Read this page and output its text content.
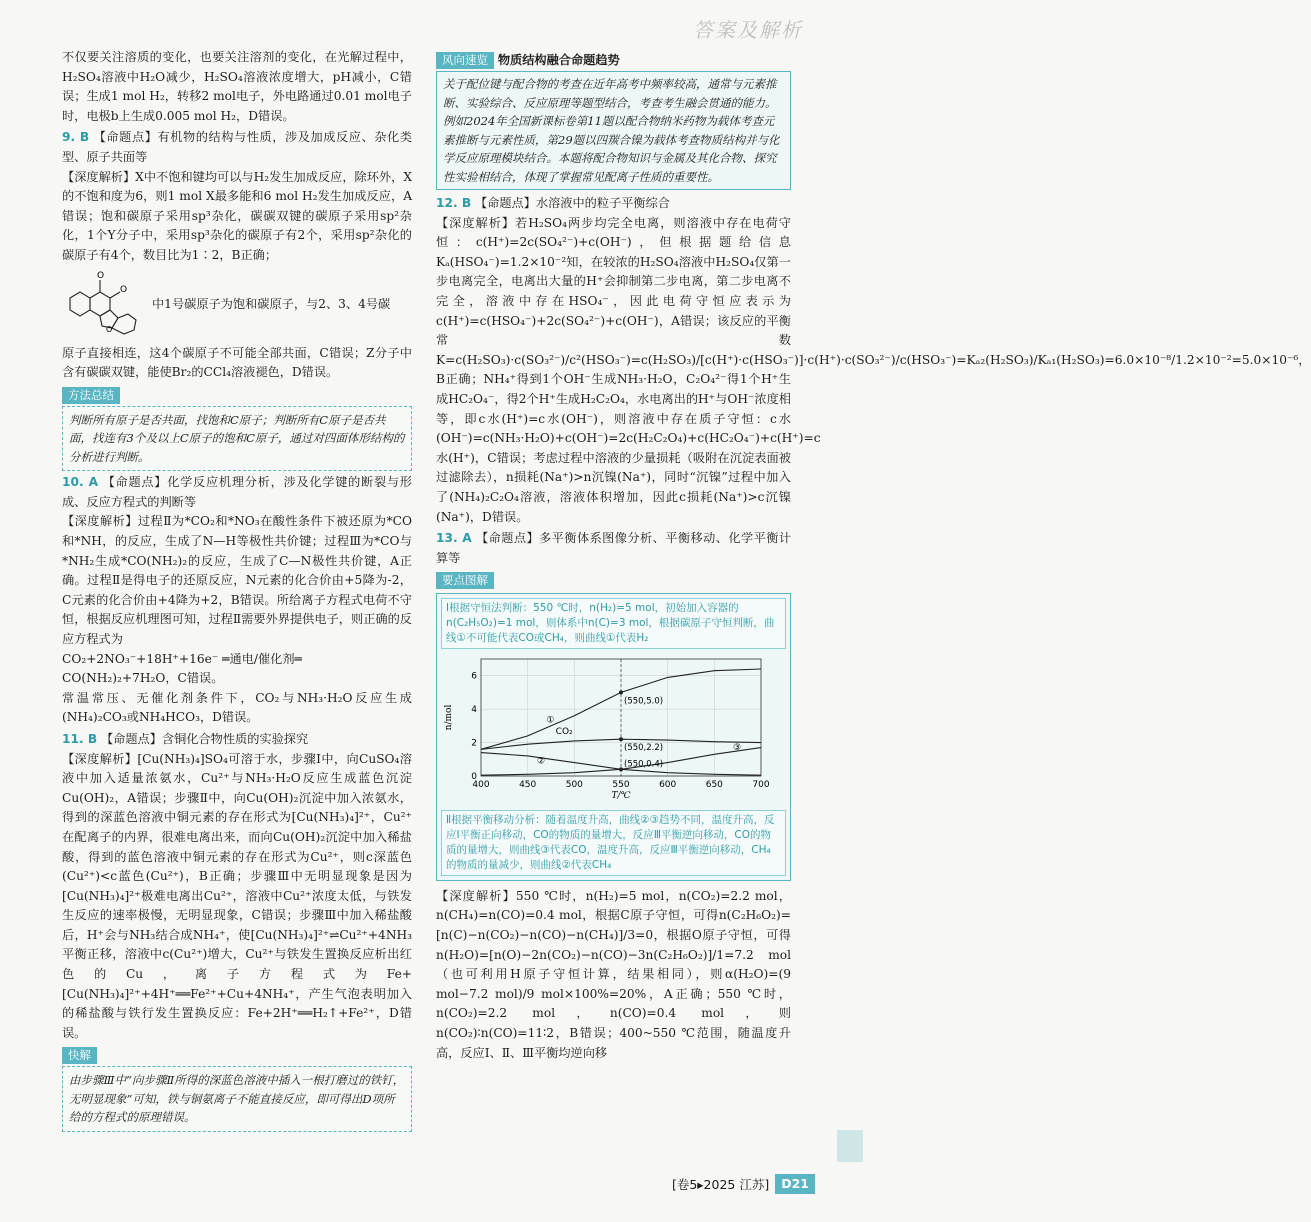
答案及解析

不仅要关注溶质的变化，也要关注溶剂的变化，在光解过程中，H₂SO₄溶液中H₂O减少，H₂SO₄溶液浓度增大，pH减小，C错误；生成1 mol H₂，转移2 mol电子，外电路通过0.01 mol电子时，电极b上生成0.005 mol H₂，D错误。

9. B 【命题点】有机物的结构与性质，涉及加成反应、杂化类型、原子共面等

【深度解析】X中不饱和键均可以与H₂发生加成反应，除环外，X的不饱和度为6，则1 mol X最多能和6 mol H₂发生加成反应，A错误；饱和碳原子采用sp³杂化，碳碳双键的碳原子采用sp²杂化，1个Y分子中，采用sp³杂化的碳原子有2个，采用sp²杂化的碳原子有4个，数目比为1∶2，B正确；

O
O
O
中1号碳原子为饱和碳原子，与2、3、4号碳

原子直接相连，这4个碳原子不可能全部共面，C错误；Z分子中含有碳碳双键，能使Br₂的CCl₄溶液褪色，D错误。

方法总结
判断所有原子是否共面，找饱和C原子；判断所有C原子是否共面，找连有3个及以上C原子的饱和C原子，通过对四面体形结构的分析进行判断。

10. A 【命题点】化学反应机理分析，涉及化学键的断裂与形成、反应方程式的判断等

【深度解析】过程Ⅱ为*CO₂和*NO₃在酸性条件下被还原为*CO和*NH，的反应，生成了N—H等极性共价键；过程Ⅲ为*CO与*NH₂生成*CO(NH₂)₂的反应，生成了C—N极性共价键，A正确。过程Ⅱ是得电子的还原反应，N元素的化合价由+5降为-2，C元素的化合价由+4降为+2，B错误。所给离子方程式电荷不守恒，根据反应机理图可知，过程Ⅱ需要外界提供电子，则正确的反应方程式为

CO₂+2NO₃⁻+18H⁺+16e⁻ ═通电/催化剂═ CO(NH₂)₂+7H₂O，C错误。

常温常压、无催化剂条件下，CO₂与NH₃·H₂O反应生成(NH₄)₂CO₃或NH₄HCO₃，D错误。

11. B 【命题点】含铜化合物性质的实验探究

【深度解析】[Cu(NH₃)₄]SO₄可溶于水，步骤Ⅰ中，向CuSO₄溶液中加入适量浓氨水，Cu²⁺与NH₃·H₂O反应生成蓝色沉淀Cu(OH)₂，A错误；步骤Ⅱ中，向Cu(OH)₂沉淀中加入浓氨水，得到的深蓝色溶液中铜元素的存在形式为[Cu(NH₃)₄]²⁺，Cu²⁺在配离子的内界，很难电离出来，而向Cu(OH)₂沉淀中加入稀盐酸，得到的蓝色溶液中铜元素的存在形式为Cu²⁺，则c深蓝色(Cu²⁺)<c蓝色(Cu²⁺)，B正确；步骤Ⅲ中无明显现象是因为[Cu(NH₃)₄]²⁺极难电离出Cu²⁺，溶液中Cu²⁺浓度太低，与铁发生反应的速率极慢，无明显现象，C错误；步骤Ⅲ中加入稀盐酸后，H⁺会与NH₃结合成NH₄⁺，使[Cu(NH₃)₄]²⁺⇌Cu²⁺+4NH₃平衡正移，溶液中c(Cu²⁺)增大，Cu²⁺与铁发生置换反应析出红色的Cu，离子方程式为Fe+[Cu(NH₃)₄]²⁺+4H⁺══Fe²⁺+Cu+4NH₄⁺，产生气泡表明加入的稀盐酸与铁行发生置换反应：Fe+2H⁺══H₂↑+Fe²⁺，D错误。

快解
由步骤Ⅲ中“向步骤Ⅱ所得的深蓝色溶液中插入一根打磨过的铁钉，无明显现象”可知，铁与铜氨离子不能直接反应，即可得出D项所给的方程式的原理错误。
风向速览 物质结构融合命题趋势
关于配位键与配合物的考查在近年高考中频率较高，通常与元素推断、实验综合、反应原理等题型结合，考查考生融会贯通的能力。例如2024年全国新课标卷第11题以配合物纳米药物为载体考查元素推断与元素性质，第29题以四羰合镍为载体考查物质结构并与化学反应原理模块结合。本题将配合物知识与金属及其化合物、探究性实验相结合，体现了掌握常见配离子性质的重要性。

12. B 【命题点】水溶液中的粒子平衡综合

【深度解析】若H₂SO₄两步均完全电离，则溶液中存在电荷守恒：c(H⁺)=2c(SO₄²⁻)+c(OH⁻)，但根据题给信息Kₐ(HSO₄⁻)=1.2×10⁻²知，在较浓的H₂SO₄溶液中H₂SO₄仅第一步电离完全，电离出大量的H⁺会抑制第二步电离，第二步电离不完全，溶液中存在HSO₄⁻，因此电荷守恒应表示为c(H⁺)=c(HSO₄⁻)+2c(SO₄²⁻)+c(OH⁻)，A错误；该反应的平衡常数K=c(H₂SO₃)·c(SO₃²⁻)/c²(HSO₃⁻)=c(H₂SO₃)/[c(H⁺)·c(HSO₃⁻)]·c(H⁺)·c(SO₃²⁻)/c(HSO₃⁻)=Kₐ₂(H₂SO₃)/Kₐ₁(H₂SO₃)=6.0×10⁻⁸/1.2×10⁻²=5.0×10⁻⁶，B正确；NH₄⁺得到1个OH⁻生成NH₃·H₂O，C₂O₄²⁻得1个H⁺生成HC₂O₄⁻，得2个H⁺生成H₂C₂O₄，水电离出的H⁺与OH⁻浓度相等，即c水(H⁺)=c水(OH⁻)，则溶液中存在质子守恒：c水(OH⁻)=c(NH₃·H₂O)+c(OH⁻)=2c(H₂C₂O₄)+c(HC₂O₄⁻)+c(H⁺)=c水(H⁺)，C错误；考虑过程中溶液的少量损耗（吸附在沉淀表面被过滤除去），n损耗(Na⁺)>n沉镍(Na⁺)，同时“沉镍”过程中加入了(NH₄)₂C₂O₄溶液，溶液体积增加，因此c损耗(Na⁺)>c沉镍(Na⁺)，D错误。

13. A 【命题点】多平衡体系图像分析、平衡移动、化学平衡计算等

要点图解
Ⅰ根据守恒法判断：550 ℃时，n(H₂)=5 mol，初始加入容器的n(C₂H₅O₂)=1 mol，则体系中n(C)=3 mol，根据碳原子守恒判断，曲线①不可能代表CO或CH₄，则曲线①代表H₂
400	450	500	550	600	650	700
0
2
4
6
T/℃
n/mol	①
CO₂
②
③
(550,5.0)
(550,2.2)
(550,0.4)
Ⅱ根据平衡移动分析：随着温度升高，曲线②③趋势不同，温度升高，反应Ⅰ平衡正向移动，CO的物质的量增大，反应Ⅲ平衡逆向移动，CO的物质的量增大，则曲线③代表CO，温度升高，反应Ⅲ平衡逆向移动，CH₄的物质的量减少，则曲线②代表CH₄

【深度解析】550 ℃时，n(H₂)=5 mol，n(CO₂)=2.2 mol，n(CH₄)=n(CO)=0.4 mol，根据C原子守恒，可得n(C₂H₆O₂)=[n(C)−n(CO₂)−n(CO)−n(CH₄)]/3=0，根据O原子守恒，可得n(H₂O)=[n(O)−2n(CO₂)−n(CO)−3n(C₂H₆O₂)]/1=7.2 mol（也可利用H原子守恒计算，结果相同），则α(H₂O)=(9 mol−7.2 mol)/9 mol×100%=20%，A正确；550 ℃时，n(CO₂)=2.2 mol，n(CO)=0.4 mol，则n(CO₂)∶n(CO)=11∶2，B错误；400~550 ℃范围，随温度升高，反应Ⅰ、Ⅱ、Ⅲ平衡均逆向移

[卷5▸2025 江苏] D21
